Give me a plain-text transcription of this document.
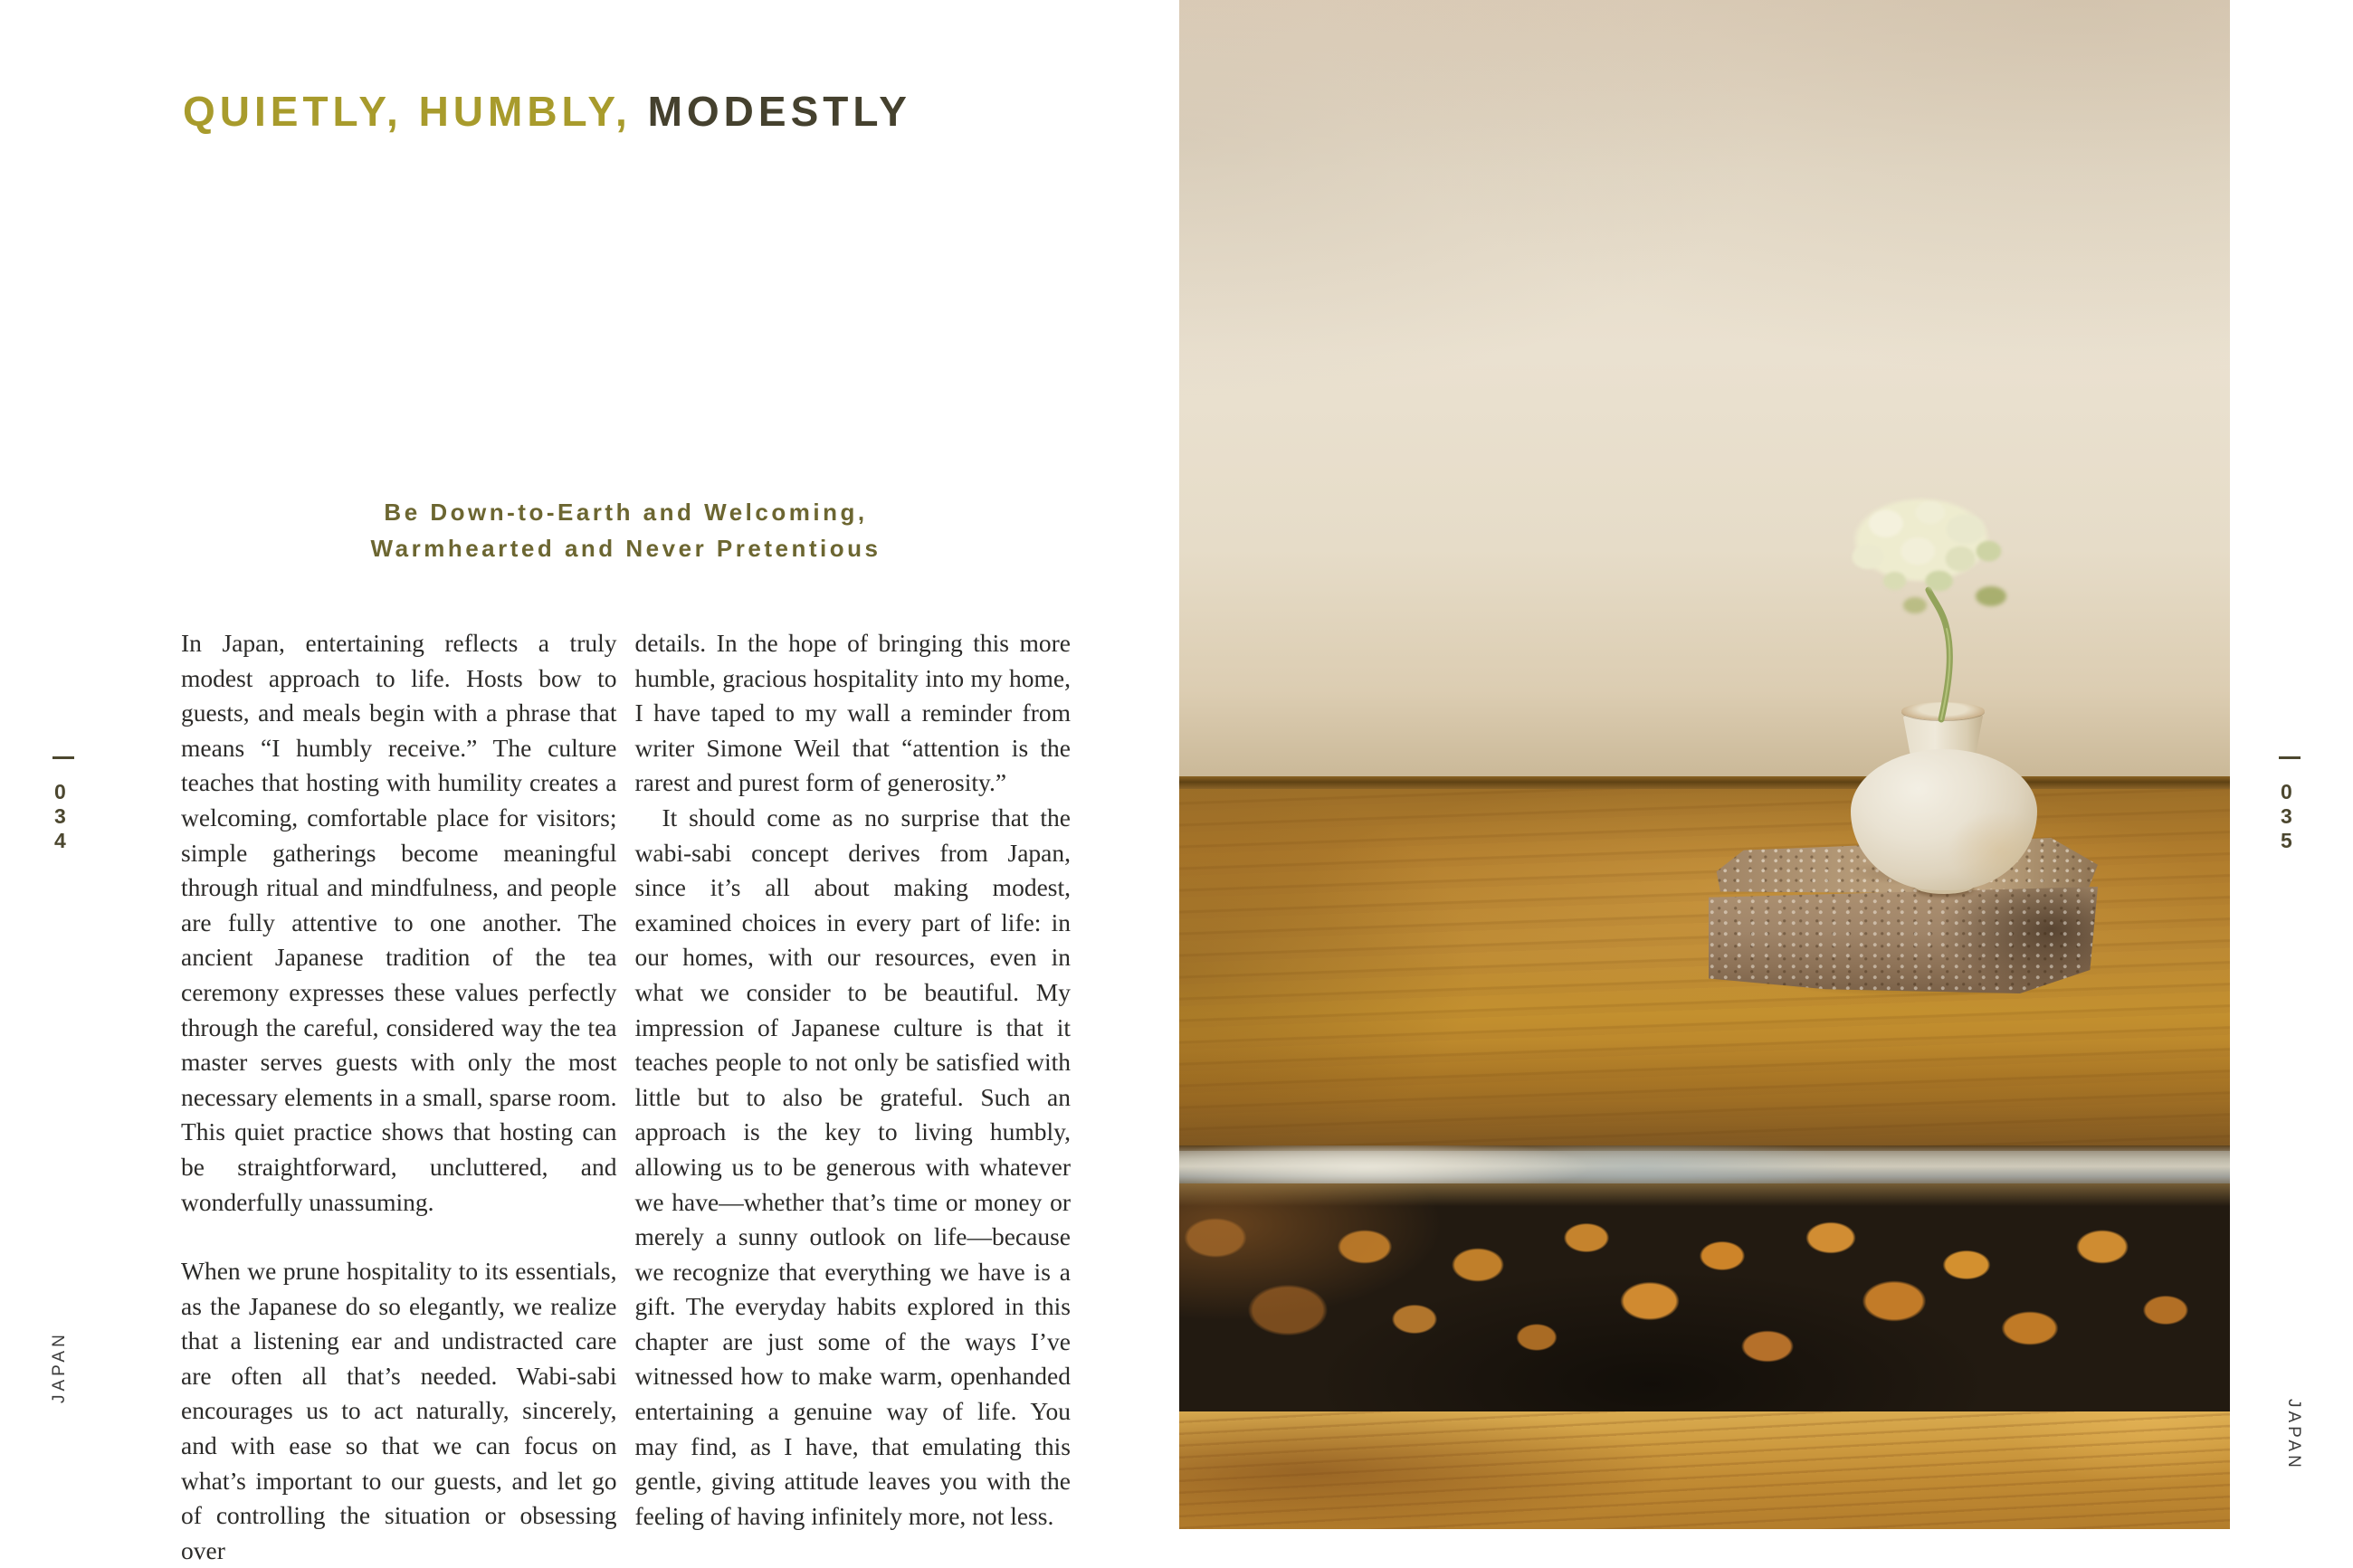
034
JAPAN
QUIETLY, HUMBLY, MODESTLY
Be Down-to-Earth and Welcoming,
Warmhearted and Never Pretentious

In Japan, entertaining reflects a truly modest approach to life. Hosts bow to guests, and meals begin with a phrase that means “I humbly receive.” The culture teaches that hosting with humility creates a welcoming, comfortable place for visitors; simple gatherings become meaningful through ritual and mindfulness, and people are fully attentive to one another. The ancient Japanese tradition of the tea ceremony expresses these values perfectly through the careful, considered way the tea master serves guests with only the most necessary elements in a small, sparse room. This quiet practice shows that hosting can be straightforward, uncluttered, and wonderfully unassuming.

When we prune hospitality to its essentials, as the Japanese do so elegantly, we realize that a listening ear and undistracted care are often all that’s needed. Wabi-sabi encourages us to act naturally, sincerely, and with ease so that we can focus on what’s important to our guests, and let go of controlling the situation or obsessing over

details. In the hope of bringing this more humble, gracious hospitality into my home, I have taped to my wall a reminder from writer Simone Weil that “attention is the rarest and purest form of generosity.”

It should come as no surprise that the wabi-sabi concept derives from Japan, since it’s all about making modest, examined choices in every part of life: in our homes, with our resources, even in what we consider to be beautiful. My impression of Japanese culture is that it teaches people to not only be satisfied with little but to also be grateful. Such an approach is the key to living humbly, allowing us to be generous with whatever we have—whether that’s time or money or merely a sunny outlook on life—because we recognize that everything we have is a gift. The everyday habits explored in this chapter are just some of the ways I’ve witnessed how to make warm, openhanded entertaining a genuine way of life. You may find, as I have, that emulating this gentle, giving attitude leaves you with the feeling of having infinitely more, not less.

035
JAPAN
